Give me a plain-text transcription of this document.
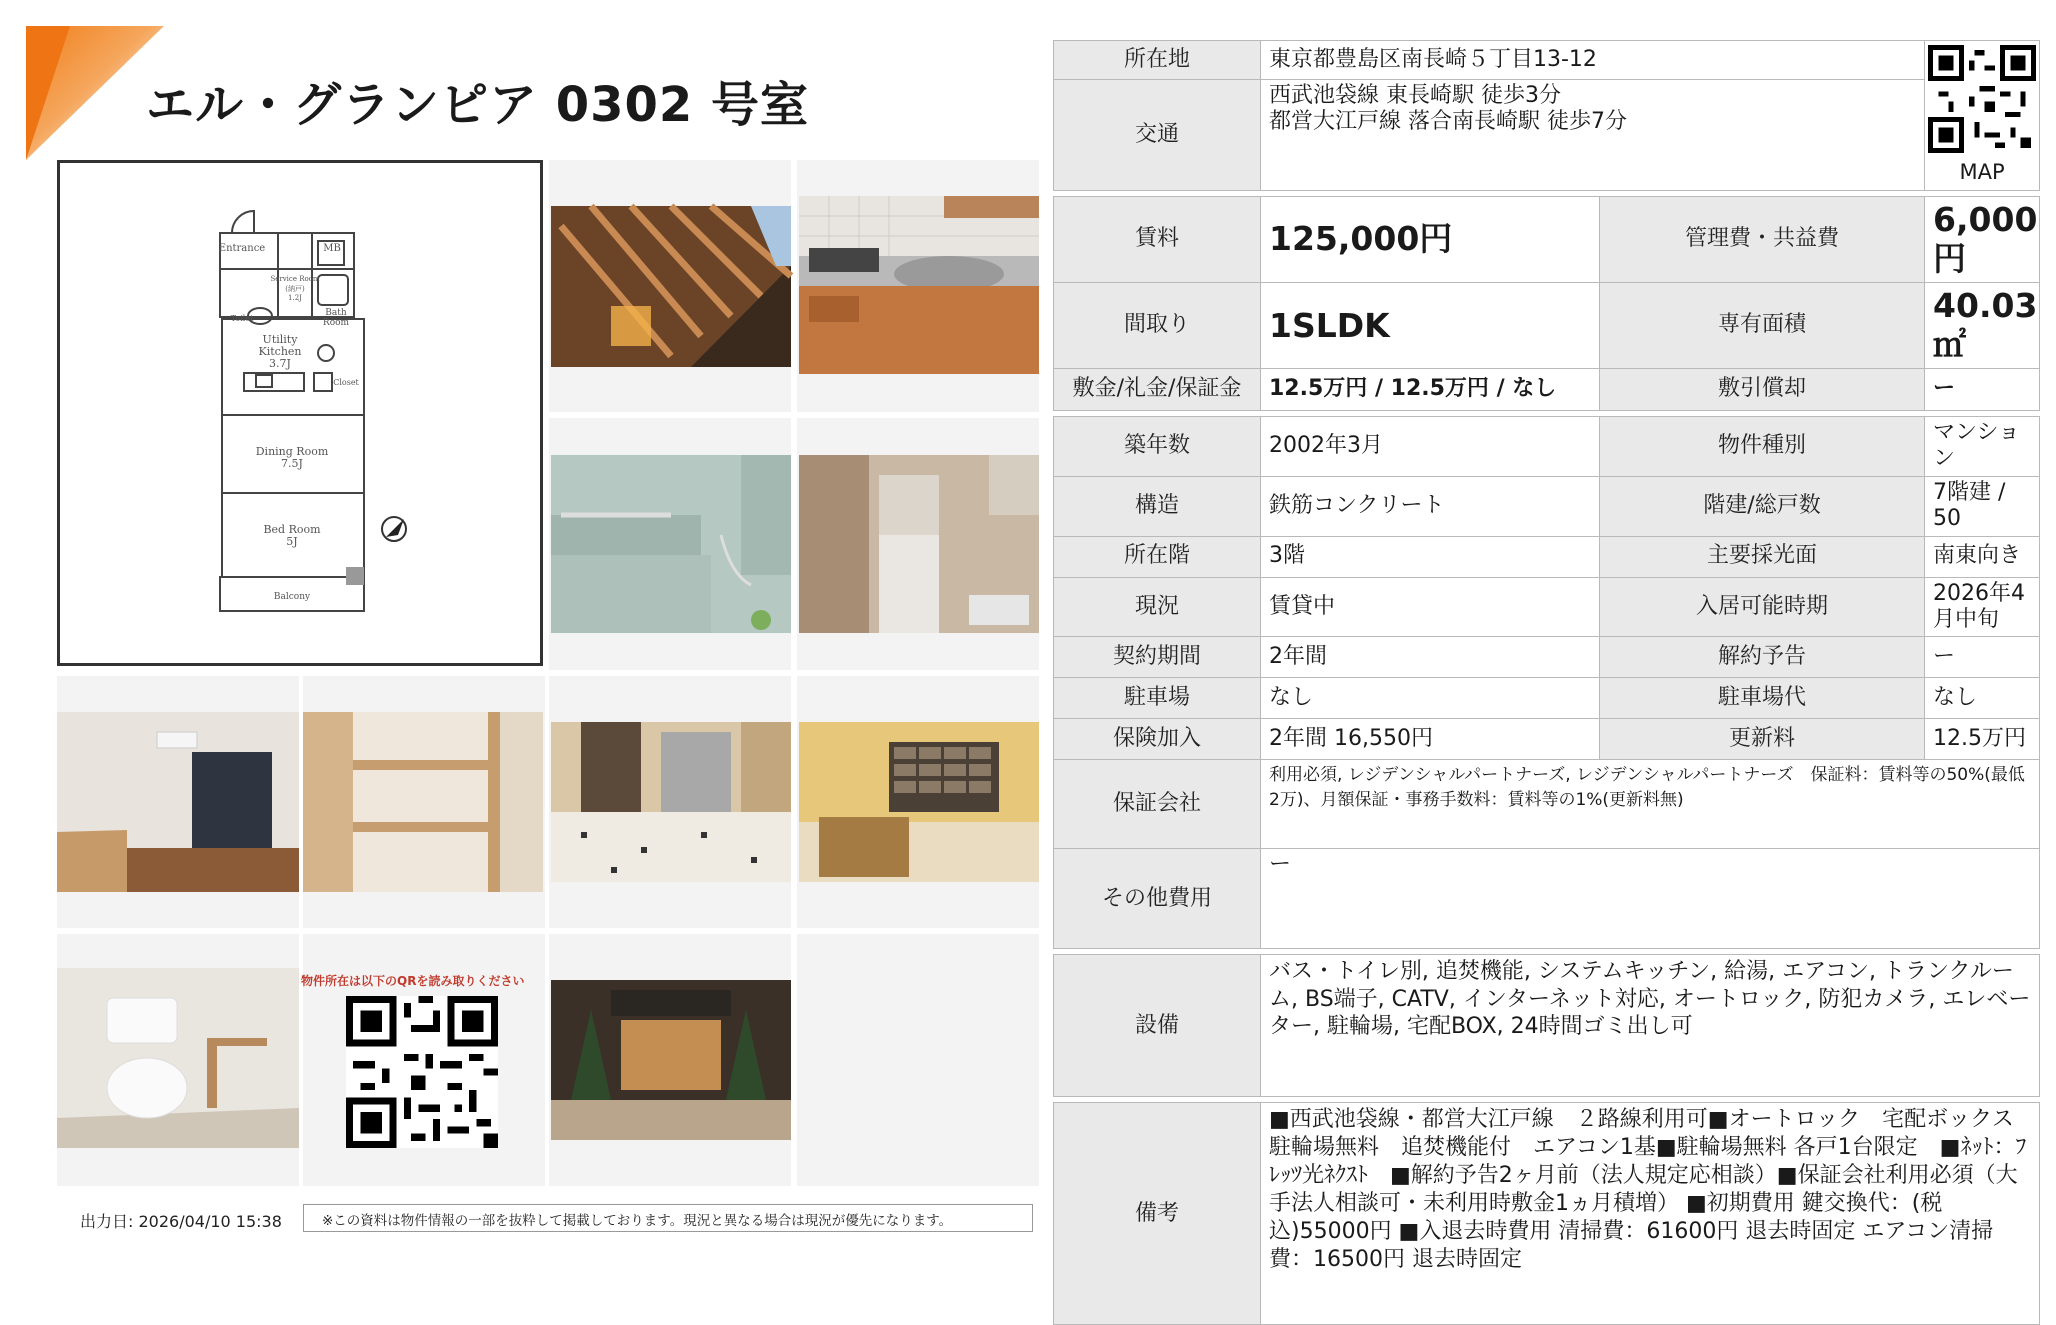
エル・グランピア 0302 号室
Entrance	MB
Service Room
(納戸)
1.2J
Toilet
Bath
Room
Utility
Kitchen
3.7J
Closet
Dining Room
7.5J
Bed Room
5J
Balcony
物件所在は以下のQRを読み取りください
出力日: 2026/04/10 15:38	※この資料は物件情報の一部を抜粋して掲載しております。現況と異なる場合は現況が優先になります。
所在地	東京都豊島区南長崎５丁目13-12		MAP

交通	西武池袋線 東長崎駅 徒歩3分
都営大江戸線 落合南長崎駅 徒歩7分		

賃料	125,000円	管理費・共益費	6,000円
間取り	1SLDK	専有面積	40.03㎡
敷金/礼金/保証金	12.5万円 / 12.5万円 / なし	敷引償却	ー

築年数	2002年3月	物件種別	マンション
構造	鉄筋コンクリート	階建/総戸数	7階建 / 50
所在階	3階	主要採光面	南東向き
現況	賃貸中	入居可能時期	2026年4月中旬
契約期間	2年間	解約予告	ー
駐車場	なし	駐車場代	なし
保険加入	2年間 16,550円	更新料	12.5万円
保証会社	利用必須, レジデンシャルパートナーズ, レジデンシャルパートナーズ　保証料：賃料等の50%(最低2万)、月額保証・事務手数料：賃料等の1%(更新料無)		
その他費用	ー		

設備	バス・トイレ別, 追焚機能, システムキッチン, 給湯, エアコン, トランクルーム, BS端子, CATV, インターネット対応, オートロック, 防犯カメラ, エレベーター, 駐輪場, 宅配BOX, 24時間ゴミ出し可		

備考	■西武池袋線・都営大江戸線　２路線利用可■オートロック　宅配ボックス　駐輪場無料　追焚機能付　エアコン1基■駐輪場無料 各戸1台限定　■ﾈｯﾄ：ﾌﾚｯﾂ光ﾈｸｽﾄ　■解約予告2ヶ月前（法人規定応相談）■保証会社利用必須（大手法人相談可・未利用時敷金1ヵ月積増） ■初期費用 鍵交換代：(税込)55000円 ■入退去時費用 清掃費：61600円 退去時固定 エアコン清掃費：16500円 退去時固定		
